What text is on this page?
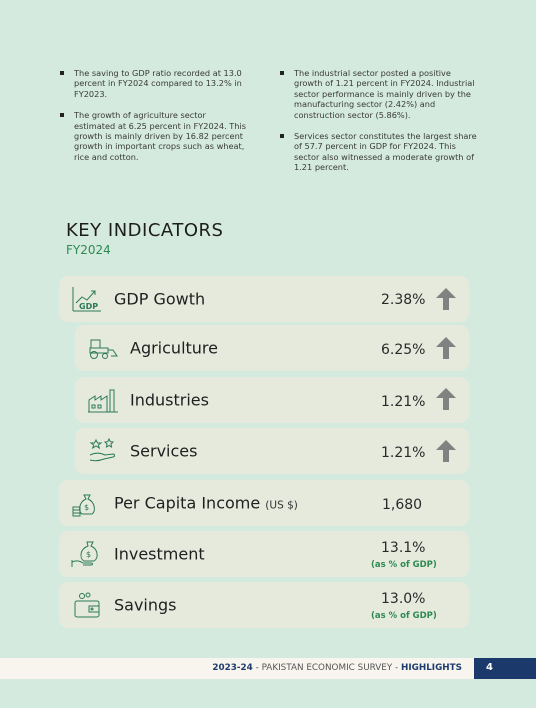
The saving to GDP ratio recorded at 13.0 percent in FY2024 compared to 13.2% in FY2023.
The growth of agriculture sector estimated at 6.25 percent in FY2024. This growth is mainly driven by 16.82 percent growth in important crops such as wheat, rice and cotton.
The industrial sector posted a positive growth of 1.21 percent in FY2024. Industrial sector performance is mainly driven by the manufacturing sector (2.42%) and construction sector (5.86%).
Services sector constitutes the largest share of 57.7 percent in GDP for FY2024. This sector also witnessed a moderate growth of 1.21 percent.
KEY INDICATORS
FY2024
GDP GDP Gowth	2.38%
Agriculture	6.25%
Industries	1.21%
Services	1.21%
$ Per Capita Income (US $)	1,680
$ Investment	13.1%
(as % of GDP)
Savings	13.0%
(as % of GDP)
2023-24 - PAKISTAN ECONOMIC SURVEY - HIGHLIGHTS 4
